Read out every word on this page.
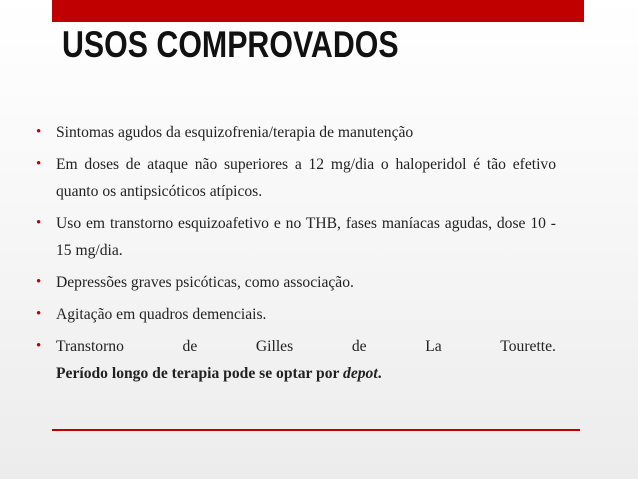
USOS COMPROVADOS
• Sintomas agudos da esquizofrenia/terapia de manutenção
• Em doses de ataque não superiores a 12 mg/dia o haloperidol é tão efetivo quanto os antipsicóticos atípicos.
• Uso em transtorno esquizoafetivo e no THB, fases maníacas agudas, dose 10 - 15 mg/dia.
• Depressões graves psicóticas, como associação.
• Agitação em quadros demenciais.
• Transtorno	de	Gilles	de	La	Tourette.
Período longo de terapia pode se optar por depot.
